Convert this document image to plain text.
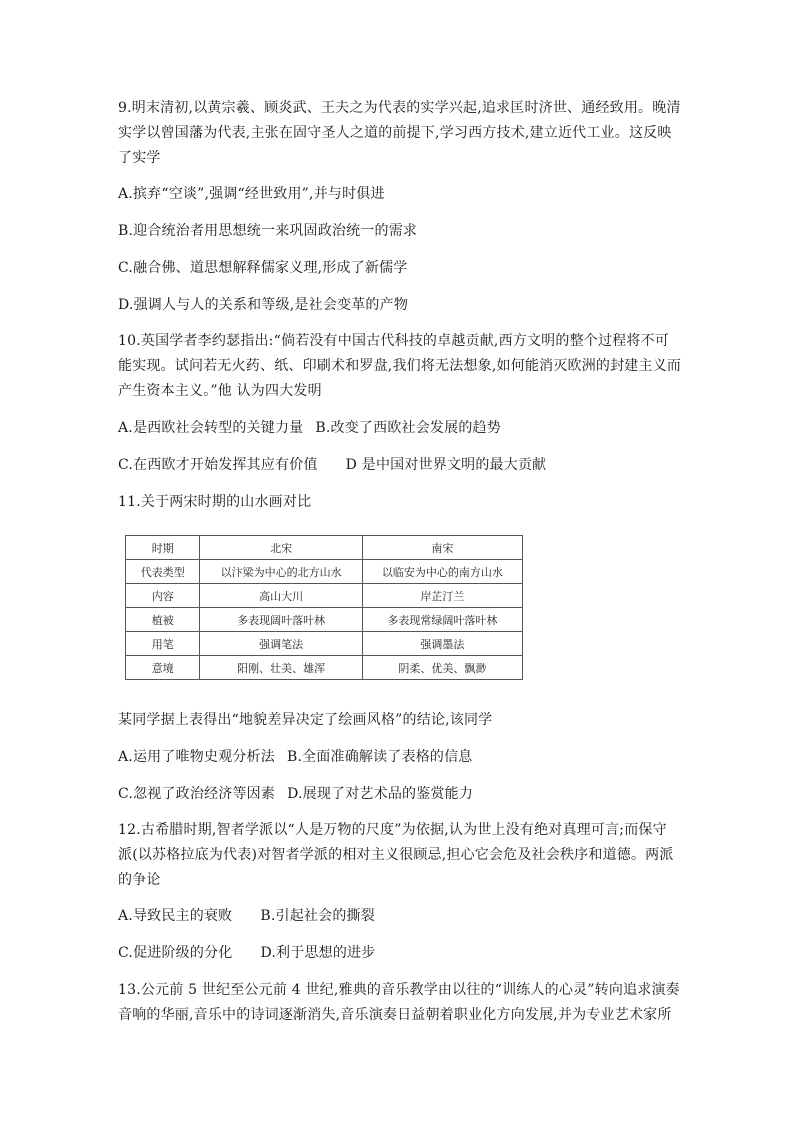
9.明末清初,以黄宗羲、顾炎武、王夫之为代表的实学兴起,追求匡时济世、通经致用。晚清
实学以曾国藩为代表,主张在固守圣人之道的前提下,学习西方技术,建立近代工业。这反映
了实学
A.摈弃“空谈”,强调“经世致用”,并与时俱进
B.迎合统治者用思想统一来巩固政治统一的需求
C.融合佛、道思想解释儒家义理,形成了新儒学
D.强调人与人的关系和等级,是社会变革的产物
10.英国学者李约瑟指出:“倘若没有中国古代科技的卓越贡献,西方文明的整个过程将不可
能实现。试问若无火药、纸、印刷术和罗盘,我们将无法想象,如何能消灭欧洲的封建主义而
产生资本主义。”他 认为四大发明
A.是西欧社会转型的关键力量 B.改变了西欧社会发展的趋势
C.在西欧才开始发挥其应有价值 D 是中国对世界文明的最大贡献
11.关于两宋时期的山水画对比
时期	北宋	南宋
代表类型	以汴梁为中心的北方山水	以临安为中心的南方山水
内容	高山大川	岸芷汀兰
植被	多表现阔叶落叶林	多表现常绿阔叶落叶林
用笔	强调笔法	强调墨法
意境	阳刚、壮美、雄浑	阴柔、优美、飘渺
某同学据上表得出“地貌差异决定了绘画风格”的结论,该同学
A.运用了唯物史观分析法 B.全面准确解读了表格的信息
C.忽视了政治经济等因素 D.展现了对艺术品的鉴赏能力
12.古希腊时期,智者学派以“人是万物的尺度”为依据,认为世上没有绝对真理可言;而保守
派(以苏格拉底为代表)对智者学派的相对主义很顾忌,担心它会危及社会秩序和道德。两派
的争论
A.导致民主的衰败 B.引起社会的撕裂
C.促进阶级的分化 D.利于思想的进步
13.公元前 5 世纪至公元前 4 世纪,雅典的音乐教学由以往的“训练人的心灵”转向追求演奏
音响的华丽,音乐中的诗词逐渐消失,音乐演奏日益朝着职业化方向发展,并为专业艺术家所
